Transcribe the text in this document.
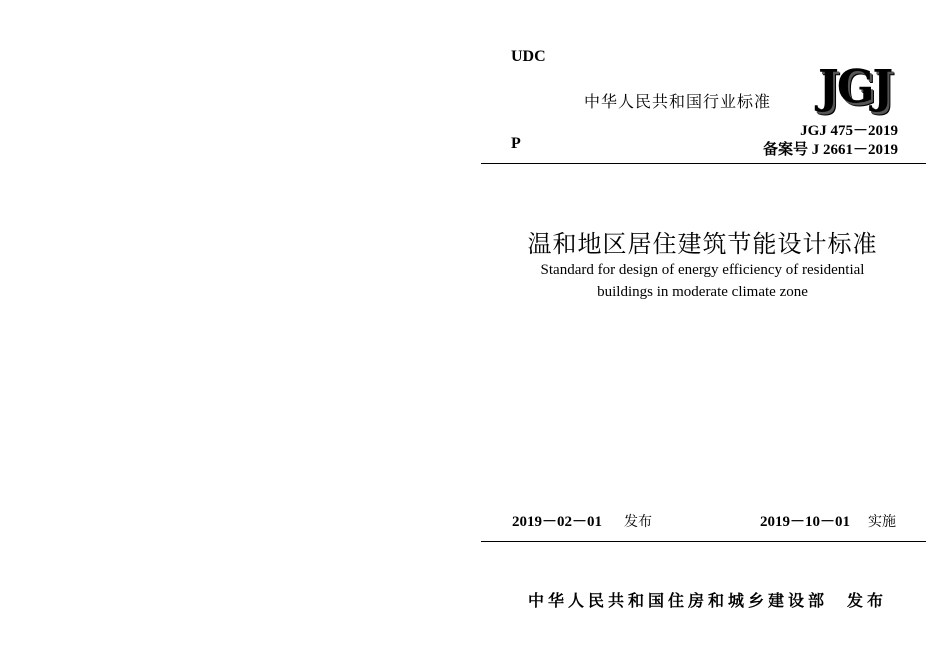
UDC
中华人民共和国行业标准 JGJ
JGJ 475－2019
P	备案号 J 2661－2019
温和地区居住建筑节能设计标准
Standard for design of energy efficiency of residential
buildings in moderate climate zone
2019－02－01 发布	2019－10－01 实施
中华人民共和国住房和城乡建设部 发布
